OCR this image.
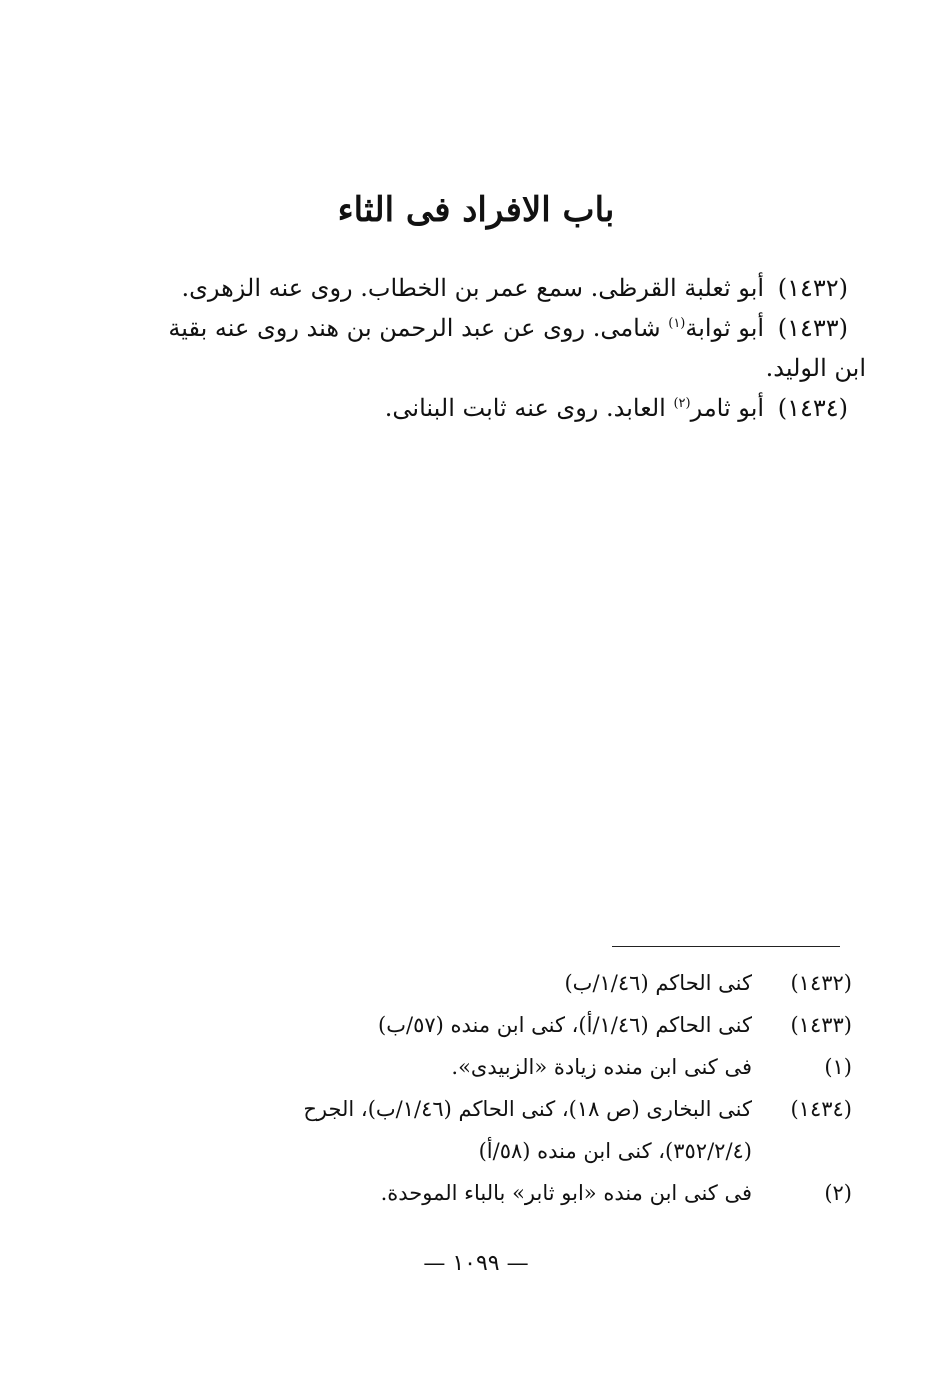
باب الافراد فى الثاء
(١٤٣٢) أبو ثعلبة القرظى. سمع عمر بن الخطاب. روى عنه الزهرى.
(١٤٣٣) أبو ثوابة$^{(١)}$ شامى. روى عن عبد الرحمن بن هند روى عنه بقية
ابن الوليد.
(١٤٣٤) أبو ثامر$^{(٢)}$ العابد. روى عنه ثابت البنانى.
(١٤٣٢)
كنى الحاكم (١/٤٦/ب)
(١٤٣٣)
كنى الحاكم (١/٤٦/أ)، كنى ابن منده (٥٧/ب)
(١)
فى كنى ابن منده زيادة «الزبيدى».
(١٤٣٤)
كنى البخارى (ص ١٨)، كنى الحاكم (١/٤٦/ب)، الجرح
(٣٥٢/٢/٤)، كنى ابن منده (٥٨/أ)
(٢)
فى كنى ابن منده «ابو ثابر» بالباء الموحدة.
— ١٠٩٩ —
